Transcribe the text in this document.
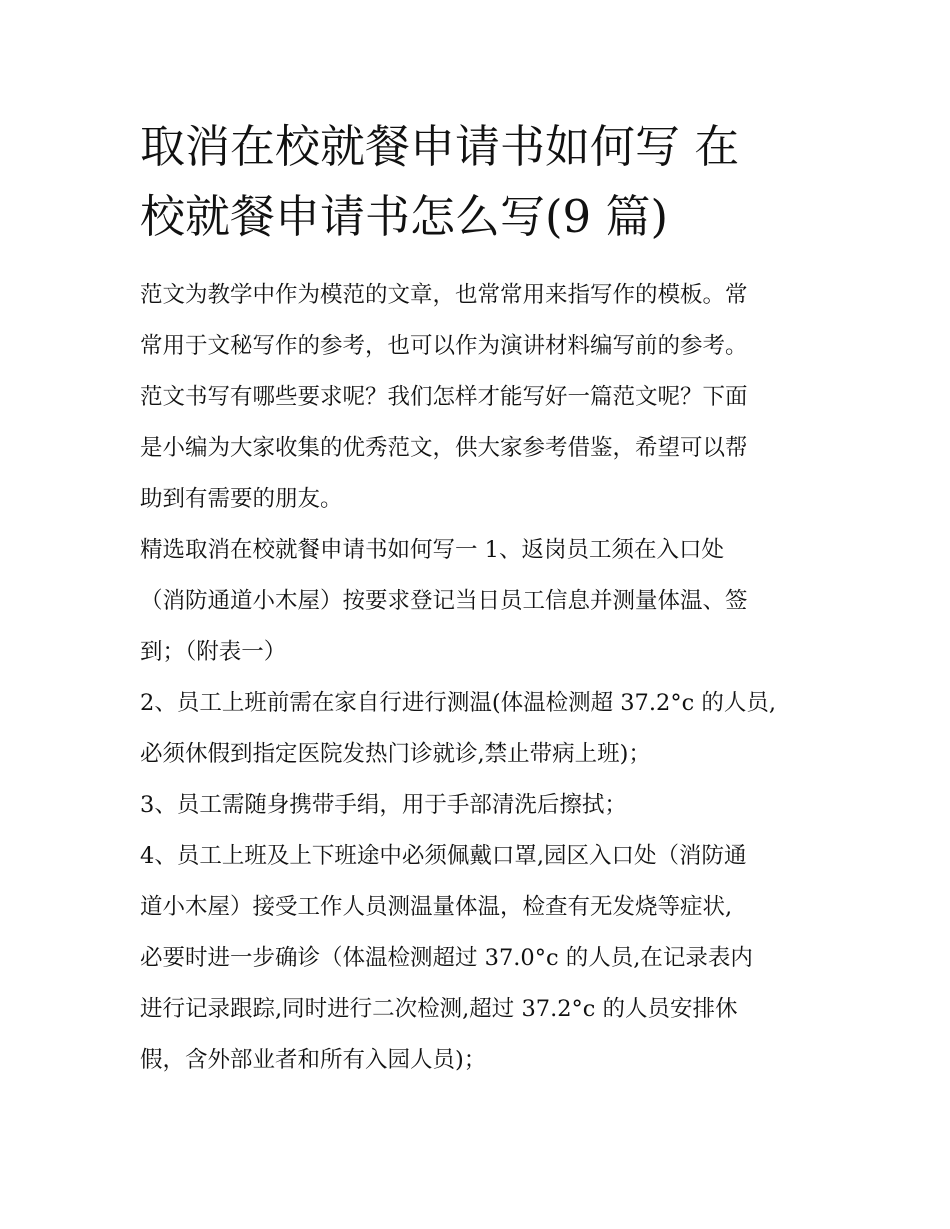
取消在校就餐申请书如何写 在
校就餐申请书怎么写(9 篇)
范文为教学中作为模范的文章，也常常用来指写作的模板。常
常用于文秘写作的参考，也可以作为演讲材料编写前的参考。
范文书写有哪些要求呢？我们怎样才能写好一篇范文呢？下面
是小编为大家收集的优秀范文，供大家参考借鉴，希望可以帮
助到有需要的朋友。
精选取消在校就餐申请书如何写一 1、返岗员工须在入口处
（消防通道小木屋）按要求登记当日员工信息并测量体温、签
到；（附表一）
2、员工上班前需在家自行进行测温(体温检测超 37.2°c 的人员,
必须休假到指定医院发热门诊就诊,禁止带病上班)；
3、员工需随身携带手绢，用于手部清洗后擦拭；
4、员工上班及上下班途中必须佩戴口罩,园区入口处（消防通
道小木屋）接受工作人员测温量体温，检查有无发烧等症状,
必要时进一步确诊（体温检测超过 37.0°c 的人员,在记录表内
进行记录跟踪,同时进行二次检测,超过 37.2°c 的人员安排休
假，含外部业者和所有入园人员)；
